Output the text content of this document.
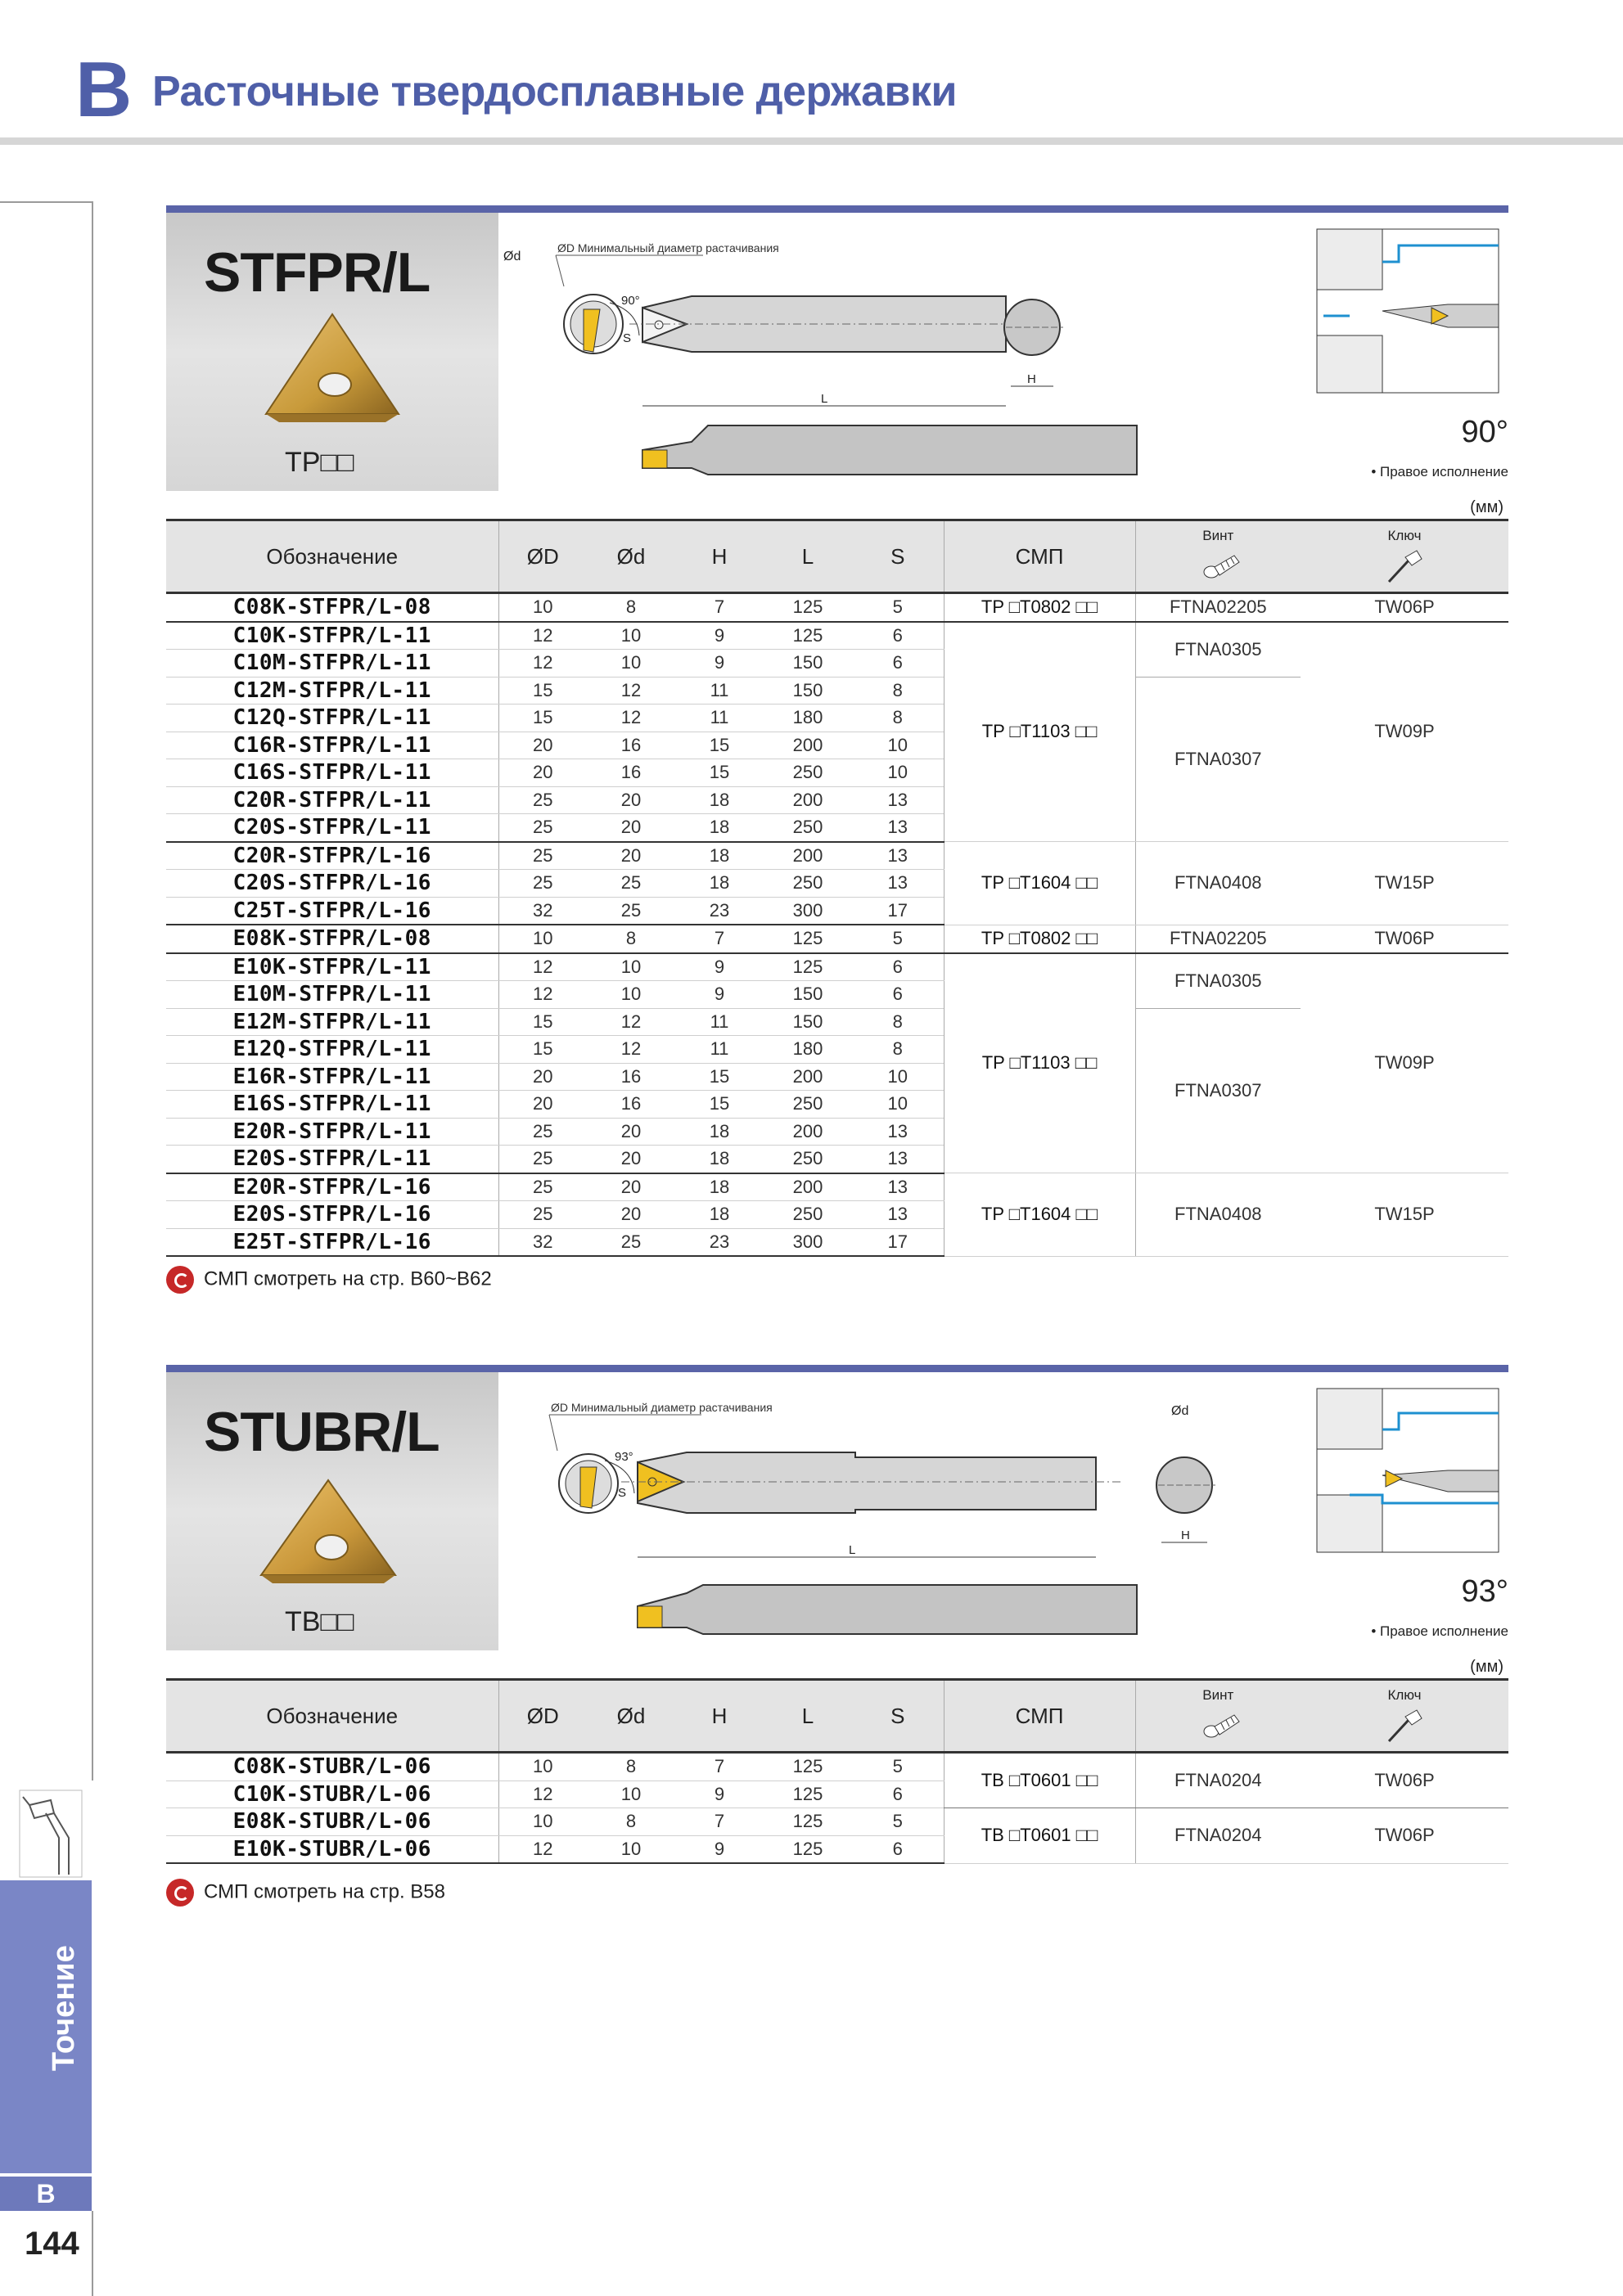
B Расточные твердосплавные державки
Точение
B
144
STFPR/L
TP□□
ØD Минимальный диаметр растачивания
90°
S
L
Ød
H
90°
• Правое исполнение
(мм)
Обозначение	ØD	Ød	H	L	S	СМП	Винт	Ключ

C08K-STFPR/L-08	10	8	7	125	5	TP □T0802 □□	FTNA02205	TW06P
C10K-STFPR/L-11	12	10	9	125	6	TP □T1103 □□	FTNA0305	TW09P
C10M-STFPR/L-11	12	10	9	150	6			
C12M-STFPR/L-11	15	12	11	150	8		FTNA0307	
C12Q-STFPR/L-11	15	12	11	180	8			
C16R-STFPR/L-11	20	16	15	200	10			
C16S-STFPR/L-11	20	16	15	250	10			
C20R-STFPR/L-11	25	20	18	200	13			
C20S-STFPR/L-11	25	20	18	250	13			
C20R-STFPR/L-16	25	20	18	200	13	TP □T1604 □□	FTNA0408	TW15P
C20S-STFPR/L-16	25	25	18	250	13			
C25T-STFPR/L-16	32	25	23	300	17			
E08K-STFPR/L-08	10	8	7	125	5	TP □T0802 □□	FTNA02205	TW06P
E10K-STFPR/L-11	12	10	9	125	6	TP □T1103 □□	FTNA0305	TW09P
E10M-STFPR/L-11	12	10	9	150	6			
E12M-STFPR/L-11	15	12	11	150	8		FTNA0307	
E12Q-STFPR/L-11	15	12	11	180	8			
E16R-STFPR/L-11	20	16	15	200	10			
E16S-STFPR/L-11	20	16	15	250	10			
E20R-STFPR/L-11	25	20	18	200	13			
E20S-STFPR/L-11	25	20	18	250	13			
E20R-STFPR/L-16	25	20	18	200	13	TP □T1604 □□	FTNA0408	TW15P
E20S-STFPR/L-16	25	20	18	250	13			
E25T-STFPR/L-16	32	25	23	300	17			
СМП смотреть на стр. B60~B62
STUBR/L
TB□□
ØD Минимальный диаметр растачивания
93°
S
L
Ød
H
93°
• Правое исполнение
(мм)
Обозначение	ØD	Ød	H	L	S	СМП	Винт	Ключ

C08K-STUBR/L-06	10	8	7	125	5	TB □T0601 □□	FTNA0204	TW06P
C10K-STUBR/L-06	12	10	9	125	6			
E08K-STUBR/L-06	10	8	7	125	5	TB □T0601 □□	FTNA0204	TW06P
E10K-STUBR/L-06	12	10	9	125	6			
СМП смотреть на стр. B58
